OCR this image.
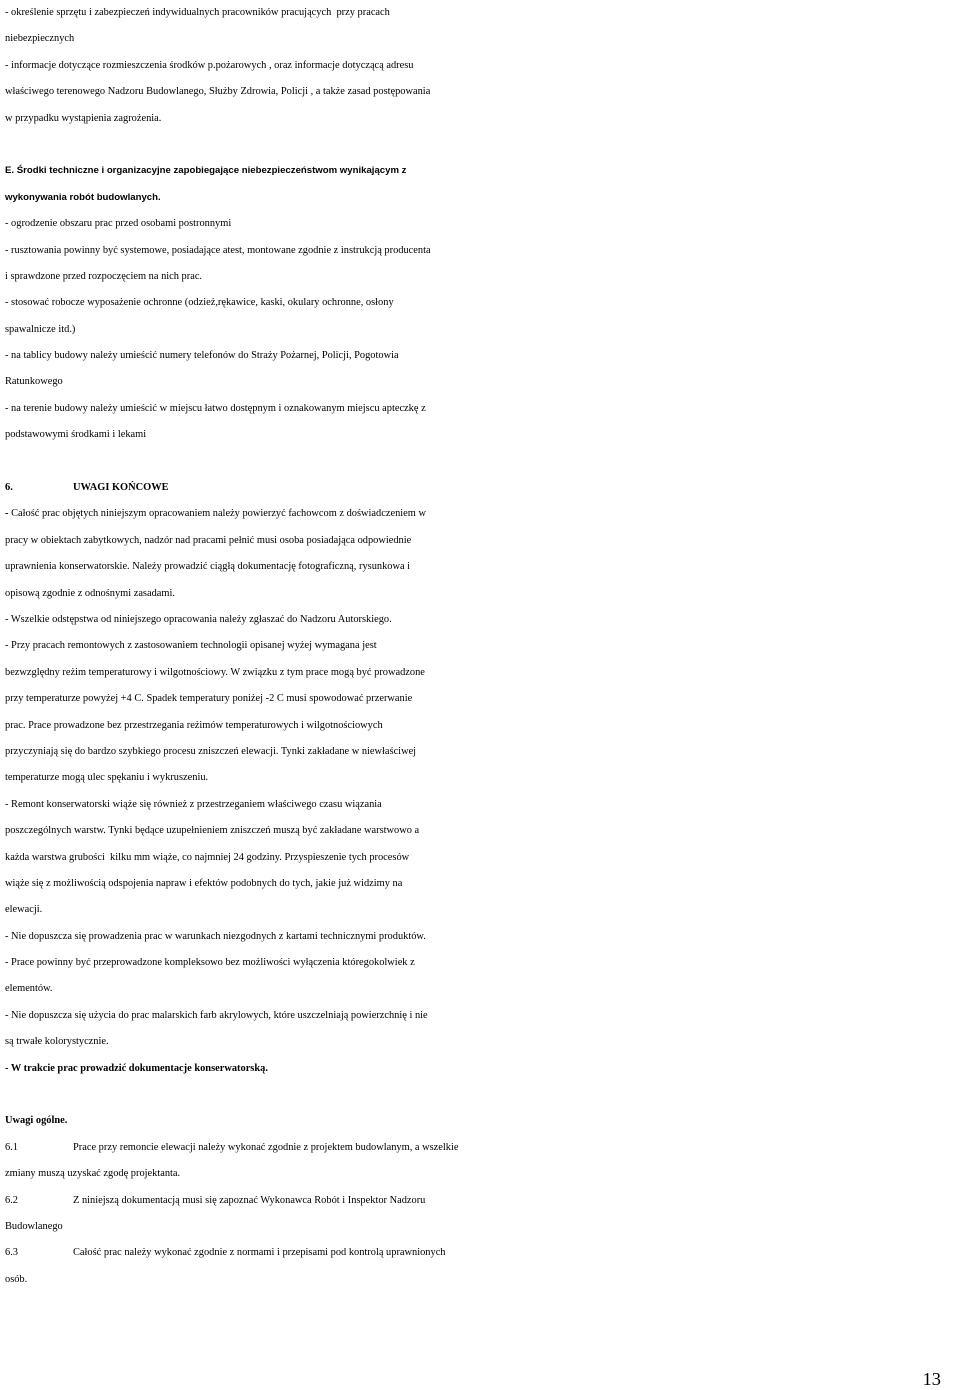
- określenie sprzętu i zabezpieczeń indywidualnych pracowników pracujących  przy pracach
niebezpiecznych
- informacje dotyczące rozmieszczenia środków p.pożarowych , oraz informacje dotyczącą adresu
właściwego terenowego Nadzoru Budowlanego, Służby Zdrowia, Policji , a także zasad postępowania
w przypadku wystąpienia zagrożenia.
E. Środki techniczne i organizacyjne zapobiegające niebezpieczeństwom wynikającym z
wykonywania robót budowlanych.
- ogrodzenie obszaru prac przed osobami postronnymi
- rusztowania powinny być systemowe, posiadające atest, montowane zgodnie z instrukcją producenta
i sprawdzone przed rozpoczęciem na nich prac.
- stosować robocze wyposażenie ochronne (odzież,rękawice, kaski, okulary ochronne, osłony
spawalnicze itd.)
- na tablicy budowy należy umieścić numery telefonów do Straży Pożarnej, Policji, Pogotowia
Ratunkowego
- na terenie budowy należy umieścić w miejscu łatwo dostępnym i oznakowanym miejscu apteczkę z
podstawowymi środkami i lekami
6.	UWAGI KOŃCOWE
- Całość prac objętych niniejszym opracowaniem należy powierzyć fachowcom z doświadczeniem w
pracy w obiektach zabytkowych, nadzór nad pracami pełnić musi osoba posiadająca odpowiednie
uprawnienia konserwatorskie. Należy prowadzić ciągłą dokumentację fotograficzną, rysunkowa i
opisową zgodnie z odnośnymi zasadami.
- Wszelkie odstępstwa od niniejszego opracowania należy zgłaszać do Nadzoru Autorskiego.
- Przy pracach remontowych z zastosowaniem technologii opisanej wyżej wymagana jest
bezwzględny reżim temperaturowy i wilgotnościowy. W związku z tym prace mogą być prowadzone
przy temperaturze powyżej +4 C. Spadek temperatury poniżej -2 C musi spowodować przerwanie
prac. Prace prowadzone bez przestrzegania reżimów temperaturowych i wilgotnościowych
przyczyniają się do bardzo szybkiego procesu zniszczeń elewacji. Tynki zakładane w niewłaściwej
temperaturze mogą ulec spękaniu i wykruszeniu.
- Remont konserwatorski wiąże się również z przestrzeganiem właściwego czasu wiązania
poszczególnych warstw. Tynki będące uzupełnieniem zniszczeń muszą być zakładane warstwowo a
każda warstwa grubości  kilku mm wiąże, co najmniej 24 godziny. Przyspieszenie tych procesów
wiąże się z możliwością odspojenia napraw i efektów podobnych do tych, jakie już widzimy na
elewacji.
- Nie dopuszcza się prowadzenia prac w warunkach niezgodnych z kartami technicznymi produktów.
- Prace powinny być przeprowadzone kompleksowo bez możliwości wyłączenia któregokolwiek z
elementów.
- Nie dopuszcza się użycia do prac malarskich farb akrylowych, które uszczelniają powierzchnię i nie
są trwałe kolorystycznie.
- W trakcie prac prowadzić dokumentacje konserwatorską.
Uwagi ogólne.
6.1	Prace przy remoncie elewacji należy wykonać zgodnie z projektem budowlanym, a wszelkie
zmiany muszą uzyskać zgodę projektanta.
6.2	Z niniejszą dokumentacją musi się zapoznać Wykonawca Robót i Inspektor Nadzoru
Budowlanego
6.3	Całość prac należy wykonać zgodnie z normami i przepisami pod kontrolą uprawnionych
osób.
13
